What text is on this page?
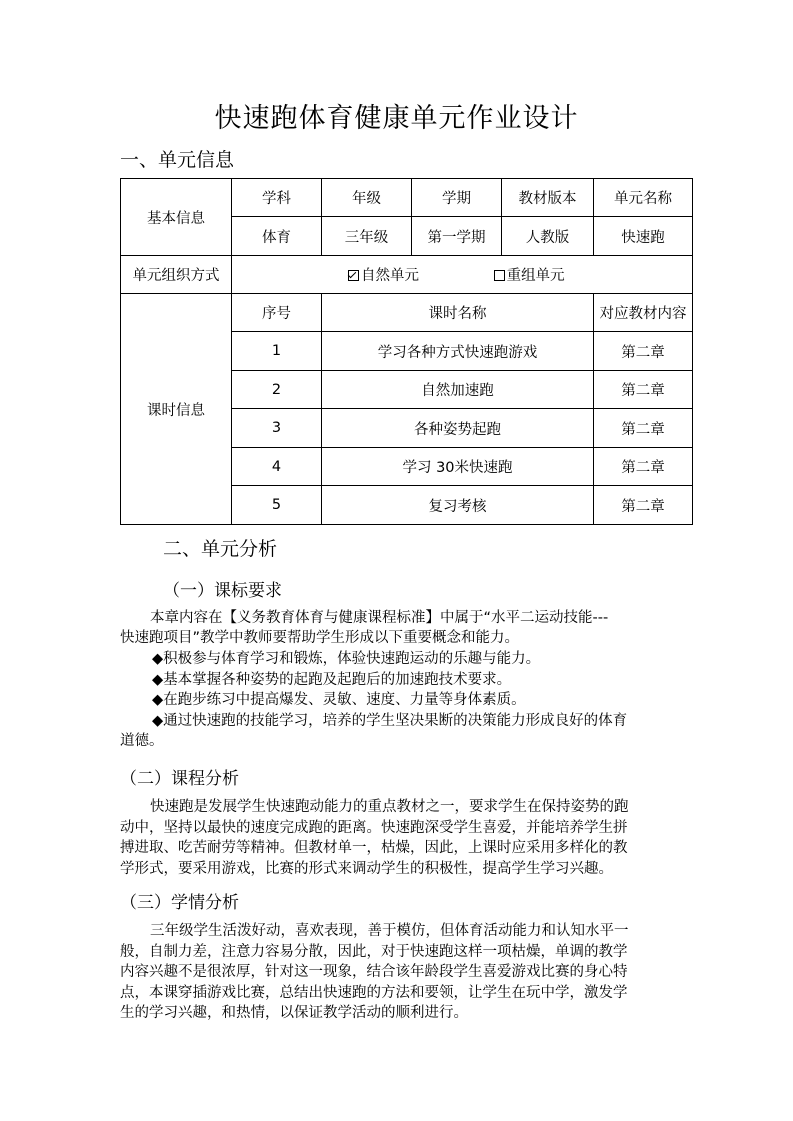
快速跑体育健康单元作业设计
一、单元信息
基本信息	学科	年级	学期	教材版本	单元名称
	体育	三年级	第一学期	人教版	快速跑
单元组织方式	自然单元 重组单元				
课时信息	序号	课时名称			对应教材内容
	1	学习各种方式快速跑游戏			第二章
	2	自然加速跑			第二章
	3	各种姿势起跑			第二章
	4	学习 30米快速跑			第二章
	5	复习考核			第二章
二、单元分析
（一）课标要求
本章内容在【义务教育体育与健康课程标准】中属于“水平二运动技能---
快速跑项目”教学中教师要帮助学生形成以下重要概念和能力。
◆积极参与体育学习和锻炼，体验快速跑运动的乐趣与能力。
◆基本掌握各种姿势的起跑及起跑后的加速跑技术要求。
◆在跑步练习中提高爆发、灵敏、速度、力量等身体素质。
◆通过快速跑的技能学习，培养的学生坚决果断的决策能力形成良好的体育
道德。
（二）课程分析
快速跑是发展学生快速跑动能力的重点教材之一，要求学生在保持姿势的跑
动中，坚持以最快的速度完成跑的距离。快速跑深受学生喜爱，并能培养学生拼
搏进取、吃苦耐劳等精神。但教材单一，枯燥，因此，上课时应采用多样化的教
学形式，要采用游戏，比赛的形式来调动学生的积极性，提高学生学习兴趣。
（三）学情分析
三年级学生活泼好动，喜欢表现，善于模仿，但体育活动能力和认知水平一
般，自制力差，注意力容易分散，因此，对于快速跑这样一项枯燥，单调的教学
内容兴趣不是很浓厚，针对这一现象，结合该年龄段学生喜爱游戏比赛的身心特
点，本课穿插游戏比赛，总结出快速跑的方法和要领，让学生在玩中学，激发学
生的学习兴趣，和热情，以保证教学活动的顺利进行。
